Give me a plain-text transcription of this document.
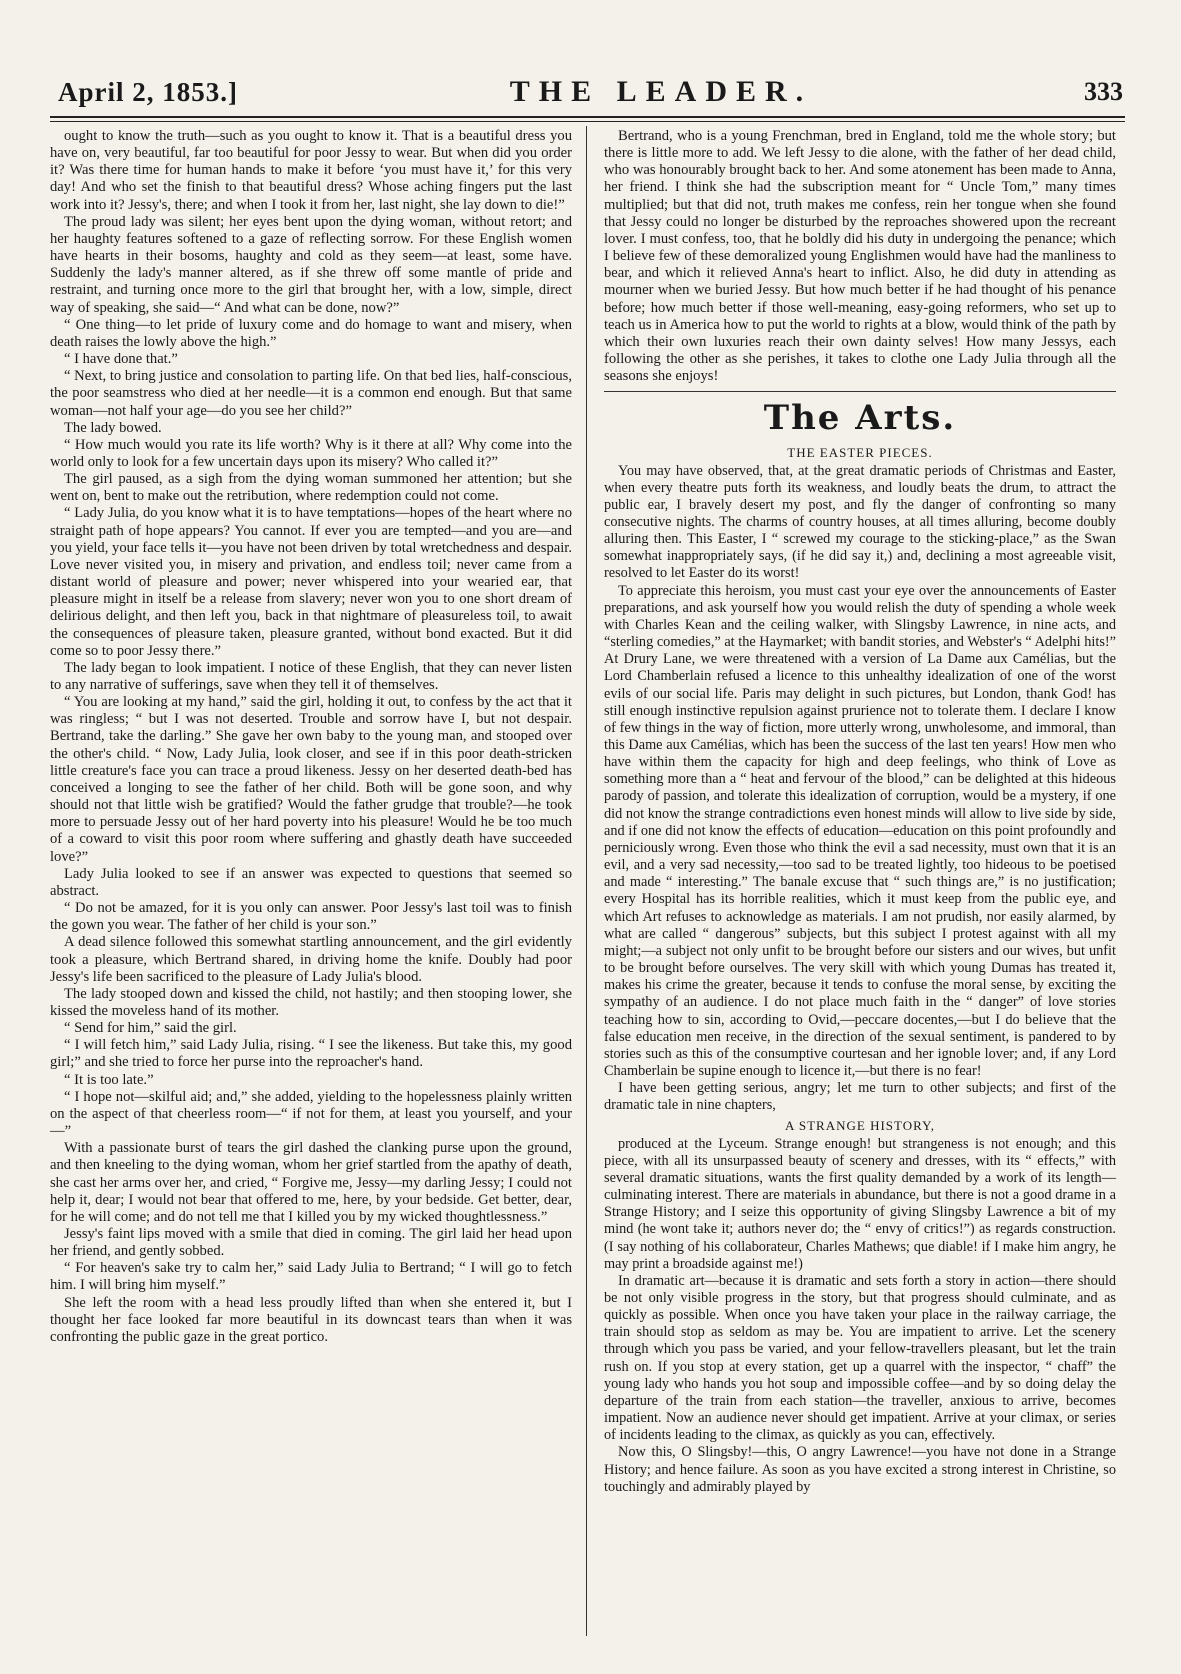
April 2, 1853.]	THE LEADER.	333

ought to know the truth—such as you ought to know it. That is a beautiful dress you have on, very beautiful, far too beautiful for poor Jessy to wear. But when did you order it? Was there time for human hands to make it before ‘you must have it,’ for this very day! And who set the finish to that beautiful dress? Whose aching fingers put the last work into it? Jessy's, there; and when I took it from her, last night, she lay down to die!”

The proud lady was silent; her eyes bent upon the dying woman, without retort; and her haughty features softened to a gaze of reflecting sorrow. For these English women have hearts in their bosoms, haughty and cold as they seem—at least, some have. Suddenly the lady's manner altered, as if she threw off some mantle of pride and restraint, and turning once more to the girl that brought her, with a low, simple, direct way of speaking, she said—“ And what can be done, now?”

“ One thing—to let pride of luxury come and do homage to want and misery, when death raises the lowly above the high.”

“ I have done that.”

“ Next, to bring justice and consolation to parting life. On that bed lies, half-conscious, the poor seamstress who died at her needle—it is a common end enough. But that same woman—not half your age—do you see her child?”

The lady bowed.

“ How much would you rate its life worth? Why is it there at all? Why come into the world only to look for a few uncertain days upon its misery? Who called it?”

The girl paused, as a sigh from the dying woman summoned her attention; but she went on, bent to make out the retribution, where redemption could not come.

“ Lady Julia, do you know what it is to have temptations—hopes of the heart where no straight path of hope appears? You cannot. If ever you are tempted—and you are—and you yield, your face tells it—you have not been driven by total wretchedness and despair. Love never visited you, in misery and privation, and endless toil; never came from a distant world of pleasure and power; never whispered into your wearied ear, that pleasure might in itself be a release from slavery; never won you to one short dream of delirious delight, and then left you, back in that nightmare of pleasureless toil, to await the consequences of pleasure taken, pleasure granted, without bond exacted. But it did come so to poor Jessy there.”

The lady began to look impatient. I notice of these English, that they can never listen to any narrative of sufferings, save when they tell it of themselves.

“ You are looking at my hand,” said the girl, holding it out, to confess by the act that it was ringless; “ but I was not deserted. Trouble and sorrow have I, but not despair. Bertrand, take the darling.” She gave her own baby to the young man, and stooped over the other's child. “ Now, Lady Julia, look closer, and see if in this poor death-stricken little creature's face you can trace a proud likeness. Jessy on her deserted death-bed has conceived a longing to see the father of her child. Both will be gone soon, and why should not that little wish be gratified? Would the father grudge that trouble?—he took more to persuade Jessy out of her hard poverty into his pleasure! Would he be too much of a coward to visit this poor room where suffering and ghastly death have succeeded love?”

Lady Julia looked to see if an answer was expected to questions that seemed so abstract.

“ Do not be amazed, for it is you only can answer. Poor Jessy's last toil was to finish the gown you wear. The father of her child is your son.”

A dead silence followed this somewhat startling announcement, and the girl evidently took a pleasure, which Bertrand shared, in driving home the knife. Doubly had poor Jessy's life been sacrificed to the pleasure of Lady Julia's blood.

The lady stooped down and kissed the child, not hastily; and then stooping lower, she kissed the moveless hand of its mother.

“ Send for him,” said the girl.

“ I will fetch him,” said Lady Julia, rising. “ I see the likeness. But take this, my good girl;” and she tried to force her purse into the reproacher's hand.

“ It is too late.”

“ I hope not—skilful aid; and,” she added, yielding to the hopelessness plainly written on the aspect of that cheerless room—“ if not for them, at least you yourself, and your—”

With a passionate burst of tears the girl dashed the clanking purse upon the ground, and then kneeling to the dying woman, whom her grief startled from the apathy of death, she cast her arms over her, and cried, “ Forgive me, Jessy—my darling Jessy; I could not help it, dear; I would not bear that offered to me, here, by your bedside. Get better, dear, for he will come; and do not tell me that I killed you by my wicked thoughtlessness.”

Jessy's faint lips moved with a smile that died in coming. The girl laid her head upon her friend, and gently sobbed.

“ For heaven's sake try to calm her,” said Lady Julia to Bertrand; “ I will go to fetch him. I will bring him myself.”

She left the room with a head less proudly lifted than when she entered it, but I thought her face looked far more beautiful in its downcast tears than when it was confronting the public gaze in the great portico.

Bertrand, who is a young Frenchman, bred in England, told me the whole story; but there is little more to add. We left Jessy to die alone, with the father of her dead child, who was honourably brought back to her. And some atonement has been made to Anna, her friend. I think she had the subscription meant for “ Uncle Tom,” many times multiplied; but that did not, truth makes me confess, rein her tongue when she found that Jessy could no longer be disturbed by the reproaches showered upon the recreant lover. I must confess, too, that he boldly did his duty in undergoing the penance; which I believe few of these demoralized young Englishmen would have had the manliness to bear, and which it relieved Anna's heart to inflict. Also, he did duty in attending as mourner when we buried Jessy. But how much better if he had thought of his penance before; how much better if those well-meaning, easy-going reformers, who set up to teach us in America how to put the world to rights at a blow, would think of the path by which their own luxuries reach their own dainty selves! How many Jessys, each following the other as she perishes, it takes to clothe one Lady Julia through all the seasons she enjoys!

The Arts.
THE EASTER PIECES.

You may have observed, that, at the great dramatic periods of Christmas and Easter, when every theatre puts forth its weakness, and loudly beats the drum, to attract the public ear, I bravely desert my post, and fly the danger of confronting so many consecutive nights. The charms of country houses, at all times alluring, become doubly alluring then. This Easter, I “ screwed my courage to the sticking-place,” as the Swan somewhat inappropriately says, (if he did say it,) and, declining a most agreeable visit, resolved to let Easter do its worst!

To appreciate this heroism, you must cast your eye over the announcements of Easter preparations, and ask yourself how you would relish the duty of spending a whole week with Charles Kean and the ceiling walker, with Slingsby Lawrence, in nine acts, and “sterling comedies,” at the Haymarket; with bandit stories, and Webster's “ Adelphi hits!” At Drury Lane, we were threatened with a version of La Dame aux Camélias, but the Lord Chamberlain refused a licence to this unhealthy idealization of one of the worst evils of our social life. Paris may delight in such pictures, but London, thank God! has still enough instinctive repulsion against prurience not to tolerate them. I declare I know of few things in the way of fiction, more utterly wrong, unwholesome, and immoral, than this Dame aux Camélias, which has been the success of the last ten years! How men who have within them the capacity for high and deep feelings, who think of Love as something more than a “ heat and fervour of the blood,” can be delighted at this hideous parody of passion, and tolerate this idealization of corruption, would be a mystery, if one did not know the strange contradictions even honest minds will allow to live side by side, and if one did not know the effects of education—education on this point profoundly and perniciously wrong. Even those who think the evil a sad necessity, must own that it is an evil, and a very sad necessity,—too sad to be treated lightly, too hideous to be poetised and made “ interesting.” The banale excuse that “ such things are,” is no justification; every Hospital has its horrible realities, which it must keep from the public eye, and which Art refuses to acknowledge as materials. I am not prudish, nor easily alarmed, by what are called “ dangerous” subjects, but this subject I protest against with all my might;—a subject not only unfit to be brought before our sisters and our wives, but unfit to be brought before ourselves. The very skill with which young Dumas has treated it, makes his crime the greater, because it tends to confuse the moral sense, by exciting the sympathy of an audience. I do not place much faith in the “ danger” of love stories teaching how to sin, according to Ovid,—peccare docentes,—but I do believe that the false education men receive, in the direction of the sexual sentiment, is pandered to by stories such as this of the consumptive courtesan and her ignoble lover; and, if any Lord Chamberlain be supine enough to licence it,—but there is no fear!

I have been getting serious, angry; let me turn to other subjects; and first of the dramatic tale in nine chapters,

A STRANGE HISTORY,

produced at the Lyceum. Strange enough! but strangeness is not enough; and this piece, with all its unsurpassed beauty of scenery and dresses, with its “ effects,” with several dramatic situations, wants the first quality demanded by a work of its length—culminating interest. There are materials in abundance, but there is not a good drame in a Strange History; and I seize this opportunity of giving Slingsby Lawrence a bit of my mind (he wont take it; authors never do; the “ envy of critics!”) as regards construction. (I say nothing of his collaborateur, Charles Mathews; que diable! if I make him angry, he may print a broadside against me!)

In dramatic art—because it is dramatic and sets forth a story in action—there should be not only visible progress in the story, but that progress should culminate, and as quickly as possible. When once you have taken your place in the railway carriage, the train should stop as seldom as may be. You are impatient to arrive. Let the scenery through which you pass be varied, and your fellow-travellers pleasant, but let the train rush on. If you stop at every station, get up a quarrel with the inspector, “ chaff” the young lady who hands you hot soup and impossible coffee—and by so doing delay the departure of the train from each station—the traveller, anxious to arrive, becomes impatient. Now an audience never should get impatient. Arrive at your climax, or series of incidents leading to the climax, as quickly as you can, effectively.

Now this, O Slingsby!—this, O angry Lawrence!—you have not done in a Strange History; and hence failure. As soon as you have excited a strong interest in Christine, so touchingly and admirably played by
